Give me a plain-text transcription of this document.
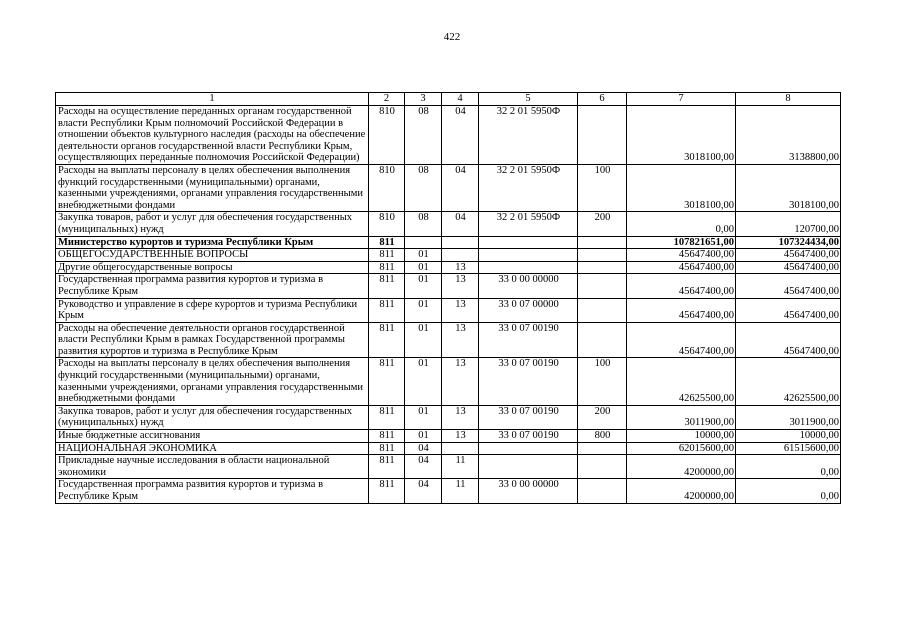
422
1	2	3	4	5	6	7	8
Расходы на осуществление переданных органам государственной власти Республики Крым полномочий Российской Федерации в отношении объектов культурного наследия (расходы на обеспечение деятельности органов государственной власти Республики Крым, осуществляющих переданные полномочия Российской Федерации)	810	08	04	32 2 01 5950Ф		3018100,00	3138800,00
Расходы на выплаты персоналу в целях обеспечения выполнения функций государственными (муниципальными) органами, казенными учреждениями, органами управления государственными внебюджетными фондами	810	08	04	32 2 01 5950Ф	100	3018100,00	3018100,00
Закупка товаров, работ и услуг для обеспечения государственных (муниципальных) нужд	810	08	04	32 2 01 5950Ф	200	0,00	120700,00
Министерство курортов и туризма Республики Крым	811					107821651,00	107324434,00
ОБЩЕГОСУДАРСТВЕННЫЕ ВОПРОСЫ	811	01				45647400,00	45647400,00
Другие общегосударственные вопросы	811	01	13			45647400,00	45647400,00
Государственная программа развития курортов и туризма в Республике Крым	811	01	13	33 0 00 00000		45647400,00	45647400,00
Руководство и управление в сфере курортов и туризма Республики Крым	811	01	13	33 0 07 00000		45647400,00	45647400,00
Расходы на обеспечение деятельности органов государственной власти Республики Крым в рамках Государственной программы развития курортов и туризма в Республике Крым	811	01	13	33 0 07 00190		45647400,00	45647400,00
Расходы на выплаты персоналу в целях обеспечения выполнения функций государственными (муниципальными) органами, казенными учреждениями, органами управления государственными внебюджетными фондами	811	01	13	33 0 07 00190	100	42625500,00	42625500,00
Закупка товаров, работ и услуг для обеспечения государственных (муниципальных) нужд	811	01	13	33 0 07 00190	200	3011900,00	3011900,00
Иные бюджетные ассигнования	811	01	13	33 0 07 00190	800	10000,00	10000,00
НАЦИОНАЛЬНАЯ ЭКОНОМИКА	811	04				62015600,00	61515600,00
Прикладные научные исследования в области национальной экономики	811	04	11			4200000,00	0,00
Государственная программа развития курортов и туризма в Республике Крым	811	04	11	33 0 00 00000		4200000,00	0,00
